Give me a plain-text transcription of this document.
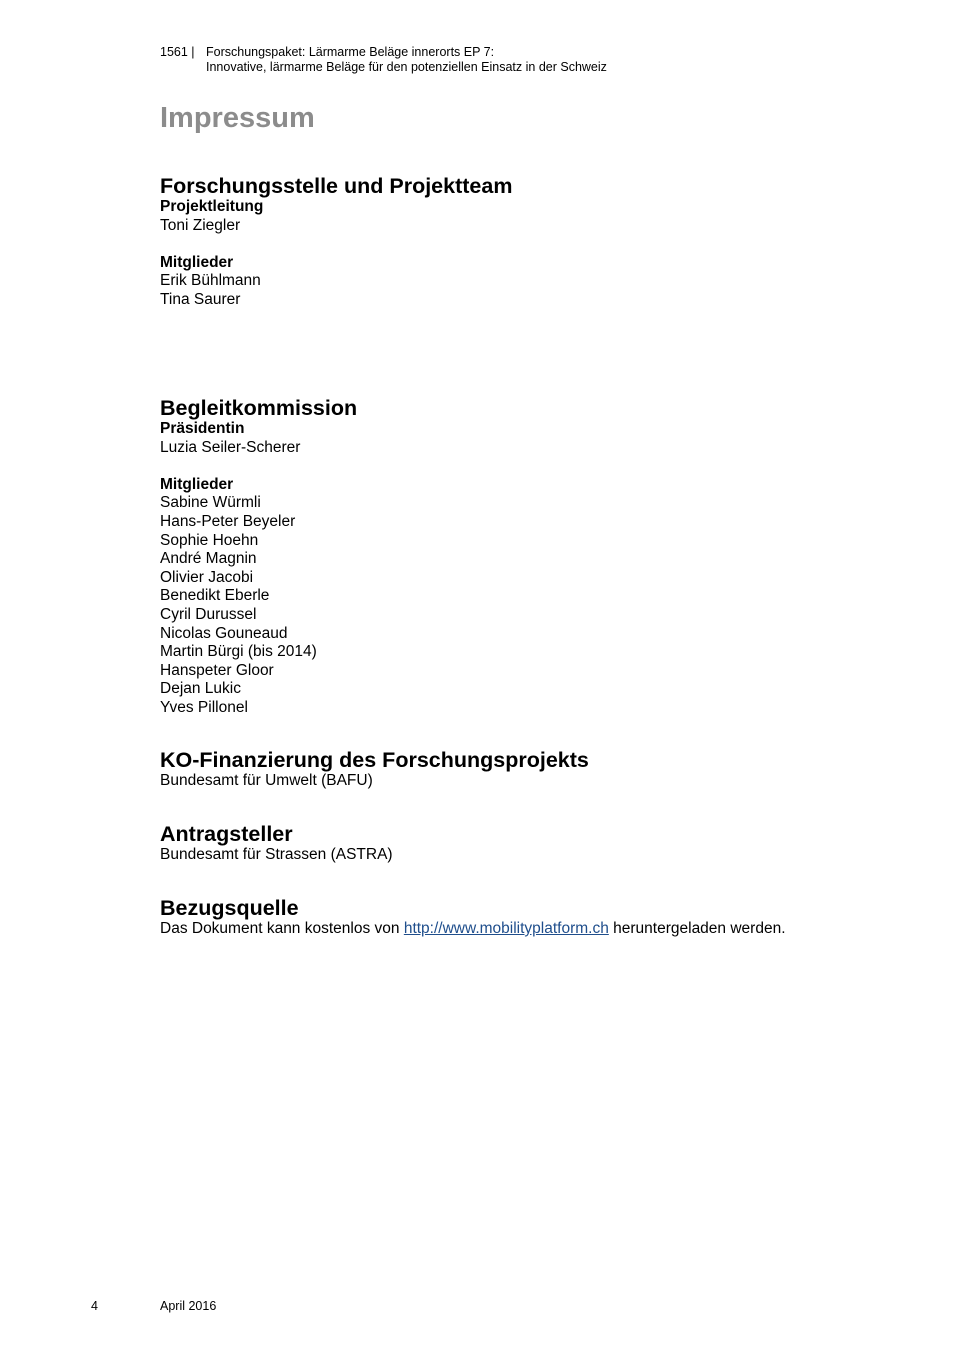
1561 | Forschungspaket: Lärmarme Beläge innerorts EP 7:
Innovative, lärmarme Beläge für den potenziellen Einsatz in der Schweiz
Impressum
Forschungsstelle und Projektteam
Projektleitung
Toni Ziegler
Mitglieder
Erik Bühlmann
Tina Saurer
Begleitkommission
Präsidentin
Luzia Seiler-Scherer
Mitglieder
Sabine Würmli
Hans-Peter Beyeler
Sophie Hoehn
André Magnin
Olivier Jacobi
Benedikt Eberle
Cyril Durussel
Nicolas Gouneaud
Martin Bürgi (bis 2014)
Hanspeter Gloor
Dejan Lukic
Yves Pillonel
KO-Finanzierung des Forschungsprojekts
Bundesamt für Umwelt (BAFU)
Antragsteller
Bundesamt für Strassen (ASTRA)
Bezugsquelle
Das Dokument kann kostenlos von http://www.mobilityplatform.ch heruntergeladen werden.
4	April 2016
